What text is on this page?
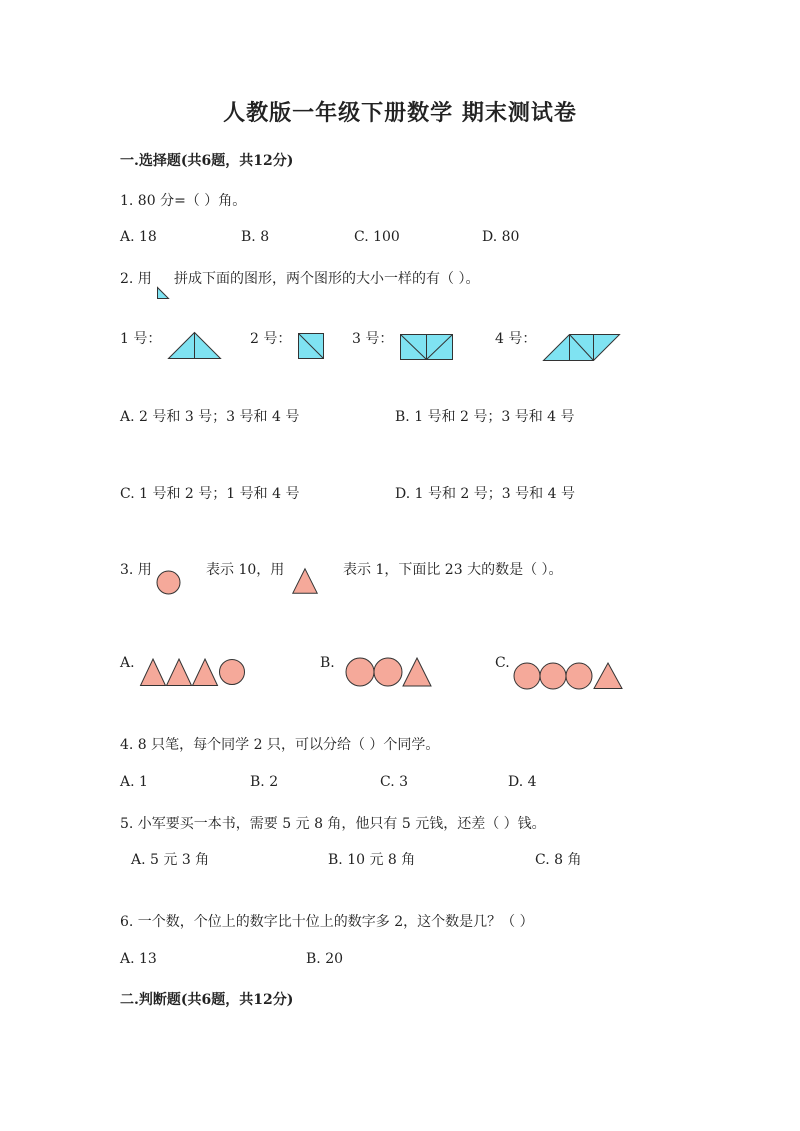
人教版一年级下册数学 期末测试卷
一.选择题(共6题，共12分)
1. 80 分=（ ）角。
A. 18	B. 8	C. 100	D. 80
2. 用 拼成下面的图形，两个图形的大小一样的有（ ）。
1 号：	2 号：	3 号：	4 号：
A. 2 号和 3 号；3 号和 4 号	B. 1 号和 2 号；3 号和 4 号
C. 1 号和 2 号；1 号和 4 号	D. 1 号和 2 号；3 号和 4 号
3. 用	表示 10，用	表示 1，下面比 23 大的数是（ ）。
A.	B.	C.
4. 8 只笔，每个同学 2 只，可以分给（ ）个同学。
A. 1	B. 2	C. 3	D. 4
5. 小军要买一本书，需要 5 元 8 角，他只有 5 元钱，还差（ ）钱。
A. 5 元 3 角	B. 10 元 8 角	C. 8 角
6. 一个数，个位上的数字比十位上的数字多 2，这个数是几？（ ）
A. 13	B. 20
二.判断题(共6题，共12分)
